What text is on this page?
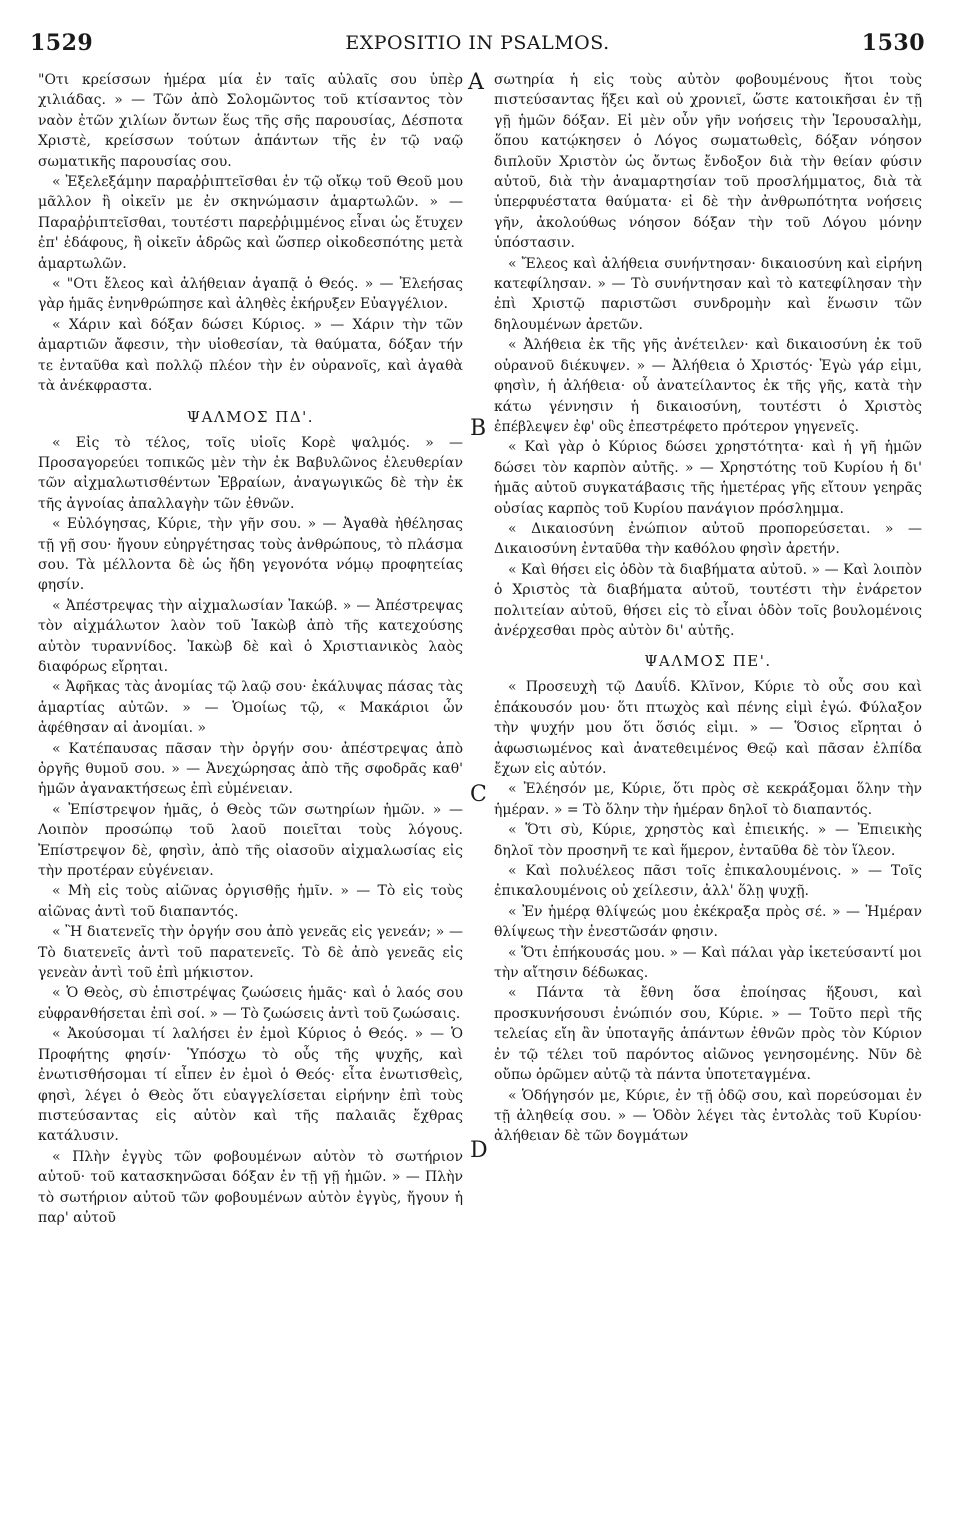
1529	EXPOSITIO IN PSALMOS.	1530

"Οτι κρείσσων ἡμέρα μία ἐν ταῖς αὐλαῖς σου ὑπὲρ χιλιάδας. » — Τῶν ἀπὸ Σολομῶντος τοῦ κτίσαντος τὸν ναὸν ἐτῶν χιλίων ὄντων ἕως τῆς σῆς παρουσίας, Δέσποτα Χριστὲ, κρείσσων τούτων ἁπάντων τῆς ἐν τῷ ναῷ σωματικῆς παρουσίας σου.

« Ἐξελεξάμην παραῤῥιπτεῖσθαι ἐν τῷ οἴκῳ τοῦ Θεοῦ μου μᾶλλον ἢ οἰκεῖν με ἐν σκηνώμασιν ἁμαρτωλῶν. » — Παραῤῥιπτεῖσθαι, τουτέστι παρεῤῥιμμένος εἶναι ὡς ἔτυχεν ἐπ' ἐδάφους, ἢ οἰκεῖν ἁδρῶς καὶ ὥσπερ οἰκοδεσπότης μετὰ ἁμαρτωλῶν.

« "Οτι ἔλεος καὶ ἀλήθειαν ἀγαπᾷ ὁ Θεός. » — Ἐλεήσας γὰρ ἡμᾶς ἐνηνθρώπησε καὶ ἀληθὲς ἐκήρυξεν Εὐαγγέλιον.

« Χάριν καὶ δόξαν δώσει Κύριος. » — Χάριν τὴν τῶν ἁμαρτιῶν ἄφεσιν, τὴν υἱοθεσίαν, τὰ θαύματα, δόξαν τήν τε ἐνταῦθα καὶ πολλῷ πλέον τὴν ἐν οὐρανοῖς, καὶ ἀγαθὰ τὰ ἀνέκφραστα.

ΨΑΛΜΟΣ ΠΔ'.

« Εἰς τὸ τέλος, τοῖς υἱοῖς Κορὲ ψαλμός. » — Προσαγορεύει τοπικῶς μὲν τὴν ἐκ Βαβυλῶνος ἐλευθερίαν τῶν αἰχμαλωτισθέντων Ἑβραίων, ἀναγωγικῶς δὲ τὴν ἐκ τῆς ἀγνοίας ἀπαλλαγὴν τῶν ἐθνῶν.

« Εὐλόγησας, Κύριε, τὴν γῆν σου. » — Ἀγαθὰ ἠθέλησας τῇ γῇ σου· ἤγουν εὐηργέτησας τοὺς ἀνθρώπους, τὸ πλάσμα σου. Τὰ μέλλοντα δὲ ὡς ἤδη γεγονότα νόμῳ προφητείας φησίν.

« Ἀπέστρεψας τὴν αἰχμαλωσίαν Ἰακώβ. » — Ἀπέστρεψας τὸν αἰχμάλωτον λαὸν τοῦ Ἰακὼβ ἀπὸ τῆς κατεχούσης αὐτὸν τυραννίδος. Ἰακὼβ δὲ καὶ ὁ Χριστιανικὸς λαὸς διαφόρως εἴρηται.

« Ἀφῆκας τὰς ἀνομίας τῷ λαῷ σου· ἐκάλυψας πάσας τὰς ἁμαρτίας αὐτῶν. » — Ὁμοίως τῷ, « Μακάριοι ὧν ἀφέθησαν αἱ ἀνομίαι. »

« Κατέπαυσας πᾶσαν τὴν ὀργήν σου· ἀπέστρεψας ἀπὸ ὀργῆς θυμοῦ σου. » — Ἀνεχώρησας ἀπὸ τῆς σφοδρᾶς καθ' ἡμῶν ἀγανακτήσεως ἐπὶ εὐμένειαν.

« Ἐπίστρεψον ἡμᾶς, ὁ Θεὸς τῶν σωτηρίων ἡμῶν. » — Λοιπὸν προσώπῳ τοῦ λαοῦ ποιεῖται τοὺς λόγους. Ἐπίστρεψον δὲ, φησὶν, ἀπὸ τῆς οἰασοῦν αἰχμαλωσίας εἰς τὴν προτέραν εὐγένειαν.

« Μὴ εἰς τοὺς αἰῶνας ὀργισθῇς ἡμῖν. » — Τὸ εἰς τοὺς αἰῶνας ἀντὶ τοῦ διαπαντός.

« Ἢ διατενεῖς τὴν ὀργήν σου ἀπὸ γενεᾶς εἰς γενεάν; » — Τὸ διατενεῖς ἀντὶ τοῦ παρατενεῖς. Τὸ δὲ ἀπὸ γενεᾶς εἰς γενεὰν ἀντὶ τοῦ ἐπὶ μήκιστον.

« Ὁ Θεὸς, σὺ ἐπιστρέψας ζωώσεις ἡμᾶς· καὶ ὁ λαός σου εὐφρανθήσεται ἐπὶ σοί. » — Τὸ ζωώσεις ἀντὶ τοῦ ζωώσαις.

« Ἀκούσομαι τί λαλήσει ἐν ἐμοὶ Κύριος ὁ Θεός. » — Ὁ Προφήτης φησίν· Ὑπόσχω τὸ οὖς τῆς ψυχῆς, καὶ ἐνωτισθήσομαι τί εἶπεν ἐν ἐμοὶ ὁ Θεός· εἶτα ἐνωτισθεὶς, φησὶ, λέγει ὁ Θεὸς ὅτι εὐαγγελίσεται εἰρήνην ἐπὶ τοὺς πιστεύσαντας εἰς αὐτὸν καὶ τῆς παλαιᾶς ἔχθρας κατάλυσιν.

« Πλὴν ἐγγὺς τῶν φοβουμένων αὐτὸν τὸ σωτήριον αὐτοῦ· τοῦ κατασκηνῶσαι δόξαν ἐν τῇ γῇ ἡμῶν. » — Πλὴν τὸ σωτήριον αὐτοῦ τῶν φοβουμένων αὐτὸν ἐγγὺς, ἤγουν ἡ παρ' αὐτοῦ

σωτηρία ἡ εἰς τοὺς αὐτὸν φοβουμένους ἤτοι τοὺς πιστεύσαντας ἥξει καὶ οὐ χρονιεῖ, ὥστε κατοικῆσαι ἐν τῇ γῇ ἡμῶν δόξαν. Εἰ μὲν οὖν γῆν νοήσεις τὴν Ἱερουσαλὴμ, ὅπου κατῴκησεν ὁ Λόγος σωματωθεὶς, δόξαν νόησον διπλοῦν Χριστὸν ὡς ὄντως ἔνδοξον διὰ τὴν θείαν φύσιν αὐτοῦ, διὰ τὴν ἀναμαρτησίαν τοῦ προσλήμματος, διὰ τὰ ὑπερφυέστατα θαύματα· εἰ δὲ τὴν ἀνθρωπότητα νοήσεις γῆν, ἀκολούθως νόησον δόξαν τὴν τοῦ Λόγου μόνην ὑπόστασιν.

« Ἔλεος καὶ ἀλήθεια συνήντησαν· δικαιοσύνη καὶ εἰρήνη κατεφίλησαν. » — Τὸ συνήντησαν καὶ τὸ κατεφίλησαν τὴν ἐπὶ Χριστῷ παριστῶσι συνδρομὴν καὶ ἕνωσιν τῶν δηλουμένων ἀρετῶν.

« Ἀλήθεια ἐκ τῆς γῆς ἀνέτειλεν· καὶ δικαιοσύνη ἐκ τοῦ οὐρανοῦ διέκυψεν. » — Ἀλήθεια ὁ Χριστός· Ἐγὼ γάρ εἰμι, φησὶν, ἡ ἀλήθεια· οὗ ἀνατείλαντος ἐκ τῆς γῆς, κατὰ τὴν κάτω γέννησιν ἡ δικαιοσύνη, τουτέστι ὁ Χριστὸς ἐπέβλεψεν ἐφ' οὓς ἐπεστρέφετο πρότερον γηγενεῖς.

« Καὶ γὰρ ὁ Κύριος δώσει χρηστότητα· καὶ ἡ γῆ ἡμῶν δώσει τὸν καρπὸν αὐτῆς. » — Χρηστότης τοῦ Κυρίου ἡ δι' ἡμᾶς αὐτοῦ συγκατάβασις τῆς ἡμετέρας γῆς εἴτουν γεηρᾶς οὐσίας καρπὸς τοῦ Κυρίου πανάγιον πρόσλημμα.

« Δικαιοσύνη ἐνώπιον αὐτοῦ προπορεύσεται. » — Δικαιοσύνη ἐνταῦθα τὴν καθόλου φησὶν ἀρετήν.

« Καὶ θήσει εἰς ὁδὸν τὰ διαβήματα αὐτοῦ. » — Καὶ λοιπὸν ὁ Χριστὸς τὰ διαβήματα αὐτοῦ, τουτέστι τὴν ἐνάρετον πολιτείαν αὐτοῦ, θήσει εἰς τὸ εἶναι ὁδὸν τοῖς βουλομένοις ἀνέρχεσθαι πρὸς αὐτὸν δι' αὐτῆς.

ΨΑΛΜΟΣ ΠΕ'.

« Προσευχὴ τῷ Δαυΐδ. Κλῖνον, Κύριε τὸ οὖς σου καὶ ἐπάκουσόν μου· ὅτι πτωχὸς καὶ πένης εἰμὶ ἐγώ. Φύλαξον τὴν ψυχήν μου ὅτι ὅσιός εἰμι. » — Ὅσιος εἴρηται ὁ ἀφωσιωμένος καὶ ἀνατεθειμένος Θεῷ καὶ πᾶσαν ἐλπίδα ἔχων εἰς αὐτόν.

« Ἐλέησόν με, Κύριε, ὅτι πρὸς σὲ κεκράξομαι ὅλην τὴν ἡμέραν. » = Τὸ ὅλην τὴν ἡμέραν δηλοῖ τὸ διαπαντός.

« Ὅτι σὺ, Κύριε, χρηστὸς καὶ ἐπιεικής. » — Ἐπιεικὴς δηλοῖ τὸν προσηνῆ τε καὶ ἥμερον, ἐνταῦθα δὲ τὸν ἵλεον.

« Καὶ πολυέλεος πᾶσι τοῖς ἐπικαλουμένοις. » — Τοῖς ἐπικαλουμένοις οὐ χείλεσιν, ἀλλ' ὅλῃ ψυχῇ.

« Ἐν ἡμέρᾳ θλίψεώς μου ἐκέκραξα πρὸς σέ. » — Ἡμέραν θλίψεως τὴν ἐνεστῶσάν φησιν.

« Ὅτι ἐπήκουσάς μου. » — Καὶ πάλαι γὰρ ἱκετεύσαντί μοι τὴν αἴτησιν δέδωκας.

« Πάντα τὰ ἔθνη ὅσα ἐποίησας ἥξουσι, καὶ προσκυνήσουσι ἐνώπιόν σου, Κύριε. » — Τοῦτο περὶ τῆς τελείας εἴη ἂν ὑποταγῆς ἁπάντων ἐθνῶν πρὸς τὸν Κύριον ἐν τῷ τέλει τοῦ παρόντος αἰῶνος γενησομένης. Νῦν δὲ οὔπω ὁρῶμεν αὐτῷ τὰ πάντα ὑποτεταγμένα.

« Ὁδήγησόν με, Κύριε, ἐν τῇ ὁδῷ σου, καὶ πορεύσομαι ἐν τῇ ἀληθείᾳ σου. » — Ὁδὸν λέγει τὰς ἐντολὰς τοῦ Κυρίου· ἀλήθειαν δὲ τῶν δογμάτων

A
B
C
D
